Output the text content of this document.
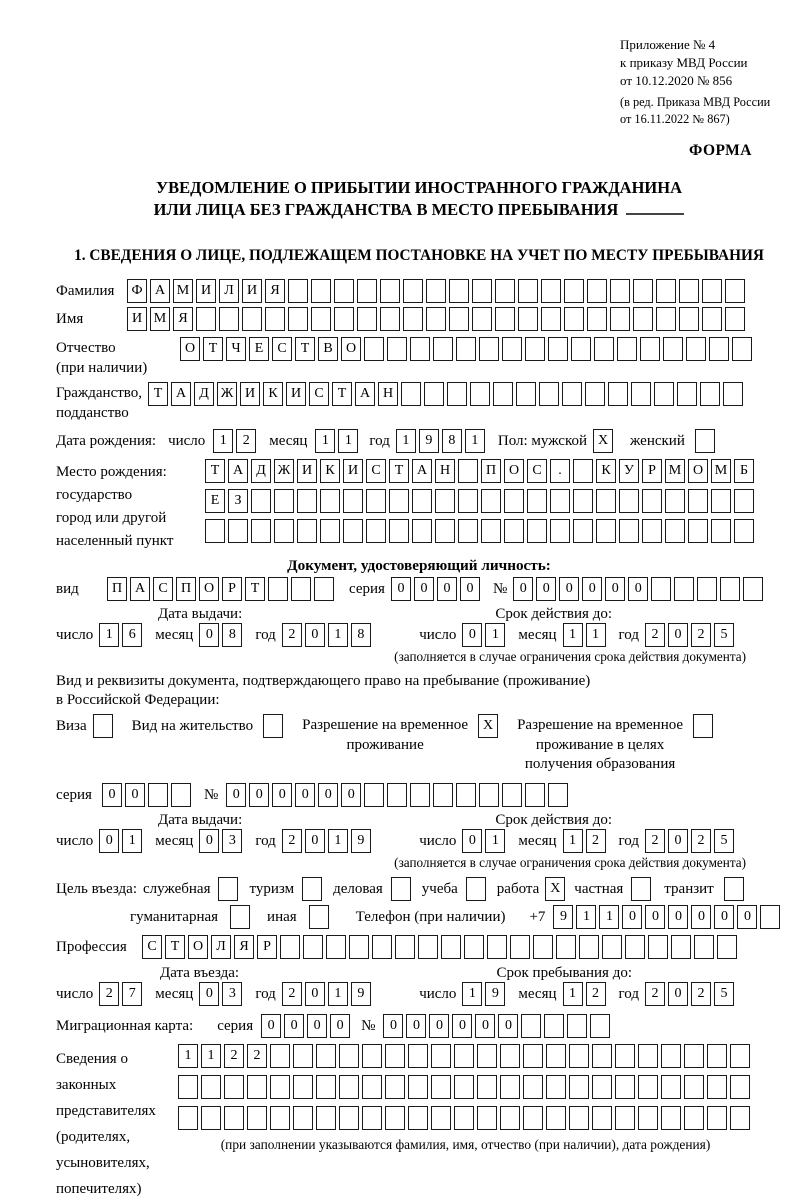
Приложение № 4
к приказу МВД России
от 10.12.2020 № 856
(в ред. Приказа МВД России
от 16.11.2022 № 867)
ФОРМА
УВЕДОМЛЕНИЕ О ПРИБЫТИИ ИНОСТРАННОГО ГРАЖДАНИНА
ИЛИ ЛИЦА БЕЗ ГРАЖДАНСТВА В МЕСТО ПРЕБЫВАНИЯ
1. СВЕДЕНИЯ О ЛИЦЕ, ПОДЛЕЖАЩЕМ ПОСТАНОВКЕ НА УЧЕТ ПО МЕСТУ ПРЕБЫВАНИЯ
Фамилия	Ф А М И Л И Я
Имя	И М Я
Отчество
(при наличии)
О Т	Ч	Е	С	Т	В О
Гражданство,
подданство
Т А Д Ж И К И С	Т А Н
Дата рождения: число	1	2	месяц	1	1	год 1	9	8	1	Пол: мужской X	женский
Место рождения:
государство
город или другой
населенный пункт
Т А Д Ж И К И С	Т А Н	П О С	.	К У	Р М О М Б
Е	З
Документ, удостоверяющий личность:
вид	П А С П О	Р	Т	серия 0	0	0	0	№ 0	0	0	0	0	0
Дата выдачи:	Срок действия до:
число 1	6	месяц 0	8	год 2	0	1	8	число 0	1	месяц 1	1	год 2	0	2	5
(заполняется в случае ограничения срока действия документа)
Вид и реквизиты документа, подтверждающего право на пребывание (проживание)
в Российской Федерации:
Виза	Вид на жительство	Разрешение на временное
проживание
X	Разрешение на временное
проживание в целях
получения образования
серия	0	0	№	0	0	0	0	0	0
Дата выдачи:	Срок действия до:
число 0	1	месяц 0	3	год 2	0	1	9	число 0	1	месяц 1	2	год 2	0	2	5
(заполняется в случае ограничения срока действия документа)
Цель въезда: служебная	туризм	деловая	учеба	работа X частная	транзит
гуманитарная	иная	Телефон (при наличии) +7	9	1	1	0	0	0	0	0	0
Профессия	С	Т О Л Я	Р
Дата въезда:	Срок пребывания до:
число 2	7	месяц 0	3	год 2	0	1	9	число 1	9	месяц 1	2	год 2	0	2	5
Миграционная карта: серия	0	0	0	0	№	0	0	0	0	0	0
Сведения о
законных
представителях
(родителях,
усыновителях,
попечителях)
1	1	2	2
(при заполнении указываются фамилия, имя, отчество (при наличии), дата рождения)
